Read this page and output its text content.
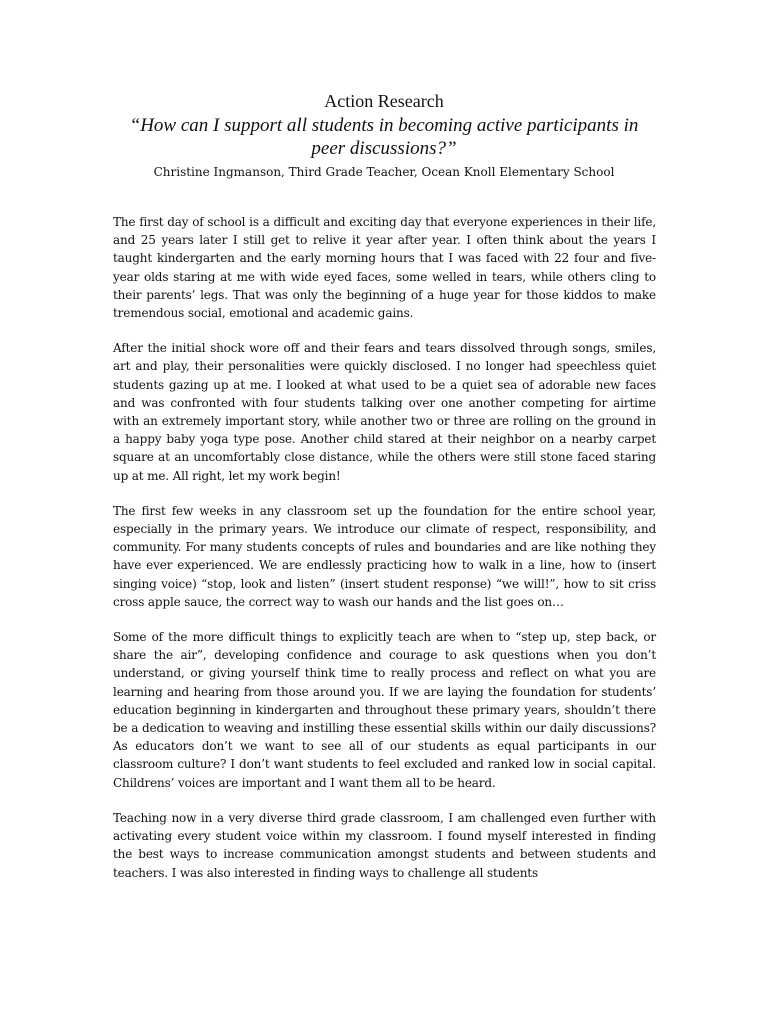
Action Research
“How can I support all students in becoming active participants in peer discussions?”
Christine Ingmanson, Third Grade Teacher, Ocean Knoll Elementary School

The first day of school is a difficult and exciting day that everyone experiences in their life, and 25 years later I still get to relive it year after year. I often think about the years I taught kindergarten and the early morning hours that I was faced with 22 four and five-year olds staring at me with wide eyed faces, some welled in tears, while others cling to their parents’ legs. That was only the beginning of a huge year for those kiddos to make tremendous social, emotional and academic gains.

After the initial shock wore off and their fears and tears dissolved through songs, smiles, art and play, their personalities were quickly disclosed. I no longer had speechless quiet students gazing up at me. I looked at what used to be a quiet sea of adorable new faces and was confronted with four students talking over one another competing for airtime with an extremely important story, while another two or three are rolling on the ground in a happy baby yoga type pose. Another child stared at their neighbor on a nearby carpet square at an uncomfortably close distance, while the others were still stone faced staring up at me. All right, let my work begin!

The first few weeks in any classroom set up the foundation for the entire school year, especially in the primary years. We introduce our climate of respect, responsibility, and community. For many students concepts of rules and boundaries and are like nothing they have ever experienced. We are endlessly practicing how to walk in a line, how to (insert singing voice) “stop, look and listen” (insert student response) “we will!”, how to sit criss cross apple sauce, the correct way to wash our hands and the list goes on…

Some of the more difficult things to explicitly teach are when to “step up, step back, or share the air”, developing confidence and courage to ask questions when you don’t understand, or giving yourself think time to really process and reflect on what you are learning and hearing from those around you. If we are laying the foundation for students’ education beginning in kindergarten and throughout these primary years, shouldn’t there be a dedication to weaving and instilling these essential skills within our daily discussions? As educators don’t we want to see all of our students as equal participants in our classroom culture? I don’t want students to feel excluded and ranked low in social capital. Childrens’ voices are important and I want them all to be heard.

Teaching now in a very diverse third grade classroom, I am challenged even further with activating every student voice within my classroom. I found myself interested in finding the best ways to increase communication amongst students and between students and teachers. I was also interested in finding ways to challenge all students
